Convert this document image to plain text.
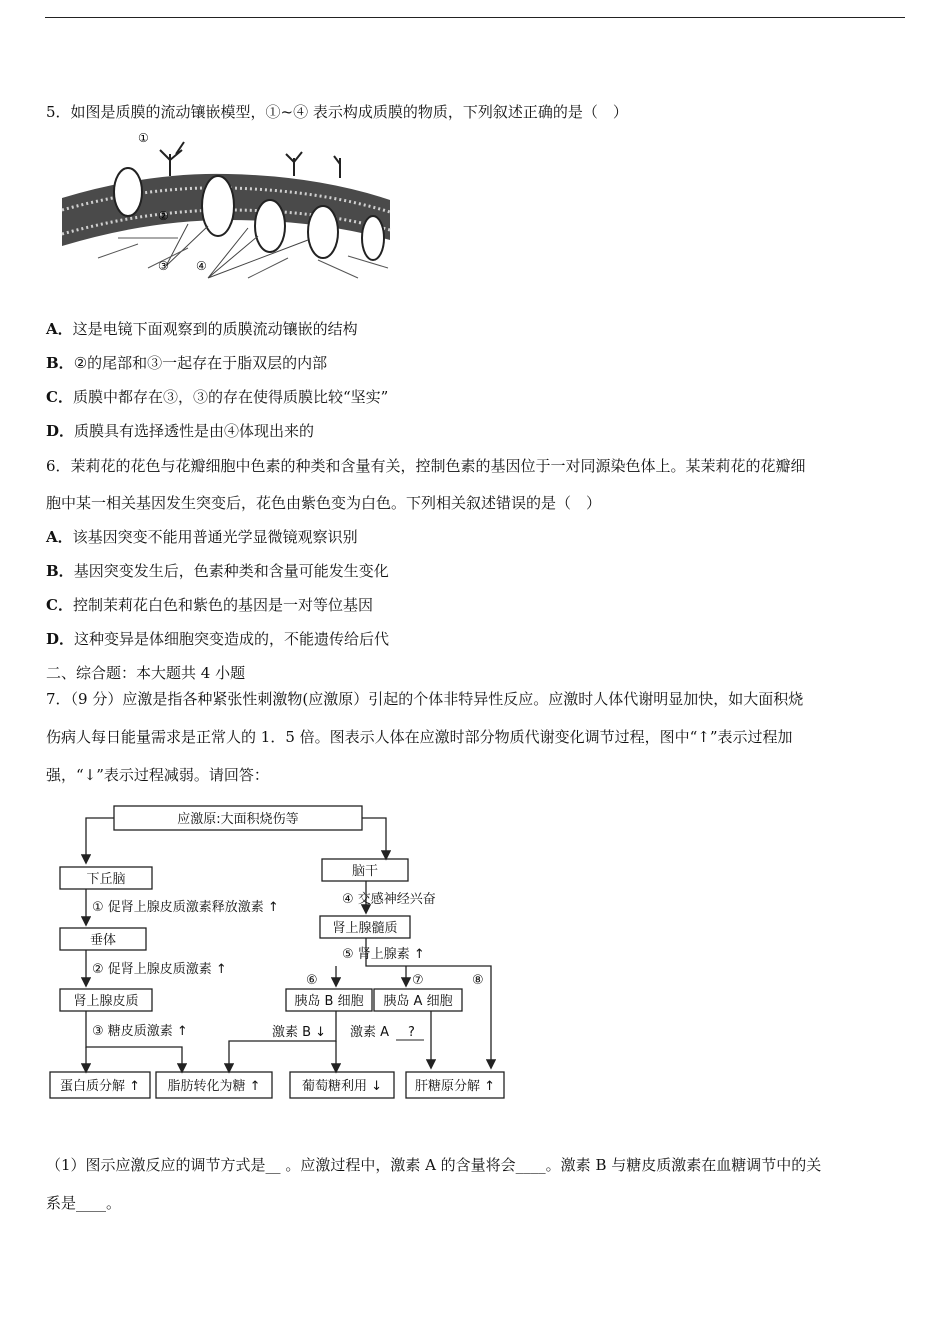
5．如图是质膜的流动镶嵌模型，①~④ 表示构成质膜的物质，下列叙述正确的是（　）
①
②
③ ④
A．这是电镜下面观察到的质膜流动镶嵌的结构
B．②的尾部和③一起存在于脂双层的内部
C．质膜中都存在③，③的存在使得质膜比较“坚实”
D．质膜具有选择透性是由④体现出来的
6．茉莉花的花色与花瓣细胞中色素的种类和含量有关，控制色素的基因位于一对同源染色体上。某茉莉花的花瓣细
胞中某一相关基因发生突变后，花色由紫色变为白色。下列相关叙述错误的是（　）
A．该基因突变不能用普通光学显微镜观察识别
B．基因突变发生后，色素种类和含量可能发生变化
C．控制茉莉花白色和紫色的基因是一对等位基因
D．这种变异是体细胞突变造成的，不能遗传给后代
二、综合题：本大题共 4 小题
7．（9 分）应激是指各种紧张性刺激物(应激原）引起的个体非特异性反应。应激时人体代谢明显加快，如大面积烧
伤病人每日能量需求是正常人的 1．5 倍。图表示人体在应激时部分物质代谢变化调节过程，图中“↑”表示过程加
强，“↓”表示过程减弱。请回答：
应激原:大面积烧伤等
下丘脑
① 促肾上腺皮质激素释放激素 ↑
垂体
② 促肾上腺皮质激素 ↑
肾上腺皮质
③ 糖皮质激素 ↑
脑干
④ 交感神经兴奋
肾上腺髓质
⑤ 肾上腺素 ↑
⑥	⑦	⑧
胰岛 B 细胞 胰岛 A 细胞
激素 B ↓ 激素 A ?
蛋白质分解 ↑ 脂肪转化为糖 ↑	葡萄糖利用 ↓	肝糖原分解 ↑
（1）图示应激反应的调节方式是__ 。应激过程中，激素 A 的含量将会____。激素 B 与糖皮质激素在血糖调节中的关
系是____。
